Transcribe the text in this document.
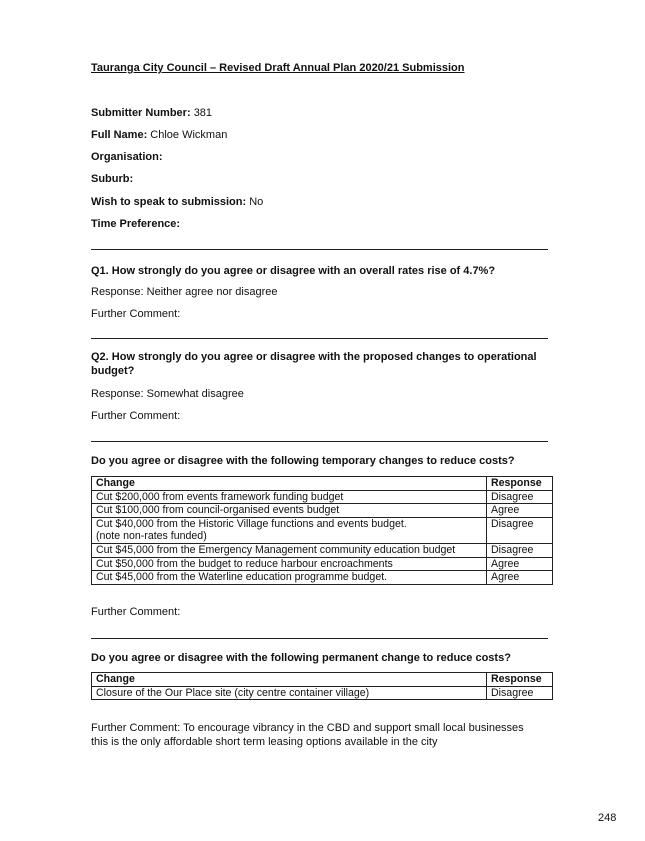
Tauranga City Council – Revised Draft Annual Plan 2020/21 Submission
Submitter Number: 381
Full Name: Chloe Wickman
Organisation:
Suburb:
Wish to speak to submission: No
Time Preference:
Q1. How strongly do you agree or disagree with an overall rates rise of 4.7%?
Response: Neither agree nor disagree
Further Comment:
Q2. How strongly do you agree or disagree with the proposed changes to operational budget?
Response: Somewhat disagree
Further Comment:
Do you agree or disagree with the following temporary changes to reduce costs?
Change	Response
Cut $200,000 from events framework funding budget	Disagree
Cut $100,000 from council-organised events budget	Agree

Cut $40,000 from the Historic Village functions and events budget.
(note non-rates funded)	Disagree
Cut $45,000 from the Emergency Management community education budget	Disagree
Cut $50,000 from the budget to reduce harbour encroachments	Agree
Cut $45,000 from the Waterline education programme budget.	Agree
Further Comment:
Do you agree or disagree with the following permanent change to reduce costs?
Change	Response
Closure of the Our Place site (city centre container village)	Disagree
Further Comment: To encourage vibrancy in the CBD and support small local businesses
this is the only affordable short term leasing options available in the city
248
